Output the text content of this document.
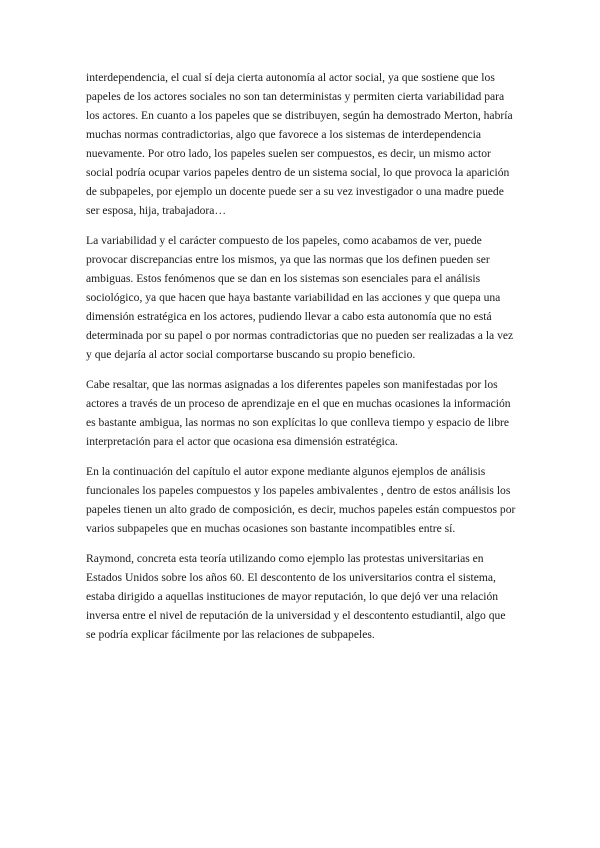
interdependencia, el cual sí deja cierta autonomía al actor social, ya que sostiene que los papeles de los actores sociales no son tan deterministas y permiten cierta variabilidad para los actores. En cuanto a los papeles que se distribuyen, según ha demostrado Merton, habría muchas normas contradictorias, algo que favorece a los sistemas de interdependencia nuevamente. Por otro lado, los papeles suelen ser compuestos, es decir, un mismo actor social podría ocupar varios papeles dentro de un sistema social, lo que provoca la aparición de subpapeles, por ejemplo un docente puede ser a su vez investigador o una madre puede ser esposa, hija, trabajadora…

La variabilidad y el carácter compuesto de los papeles, como acabamos de ver, puede provocar discrepancias entre los mismos, ya que las normas que los definen pueden ser ambiguas. Estos fenómenos que se dan en los sistemas son esenciales para el análisis sociológico, ya que hacen que haya bastante variabilidad en las acciones y que quepa una dimensión estratégica en los actores, pudiendo llevar a cabo esta autonomía que no está determinada por su papel o por normas contradictorias que no pueden ser realizadas a la vez y que dejaría al actor social comportarse buscando su propio beneficio.

Cabe resaltar, que las normas asignadas a los diferentes papeles son manifestadas por los actores a través de un proceso de aprendizaje en el que en muchas ocasiones la información es bastante ambigua, las normas no son explícitas lo que conlleva tiempo y espacio de libre interpretación para el actor que ocasiona esa dimensión estratégica.

En la continuación del capítulo el autor expone mediante algunos ejemplos de análisis funcionales los papeles compuestos y los papeles ambivalentes , dentro de estos análisis los papeles tienen un alto grado de composición, es decir, muchos papeles están compuestos por varios subpapeles que en muchas ocasiones son bastante incompatibles entre sí.

Raymond, concreta esta teoría utilizando como ejemplo las protestas universitarias en Estados Unidos sobre los años 60. El descontento de los universitarios contra el sistema, estaba dirigido a aquellas instituciones de mayor reputación, lo que dejó ver una relación inversa entre el nivel de reputación de la universidad y el descontento estudiantil, algo que se podría explicar fácilmente por las relaciones de subpapeles.
